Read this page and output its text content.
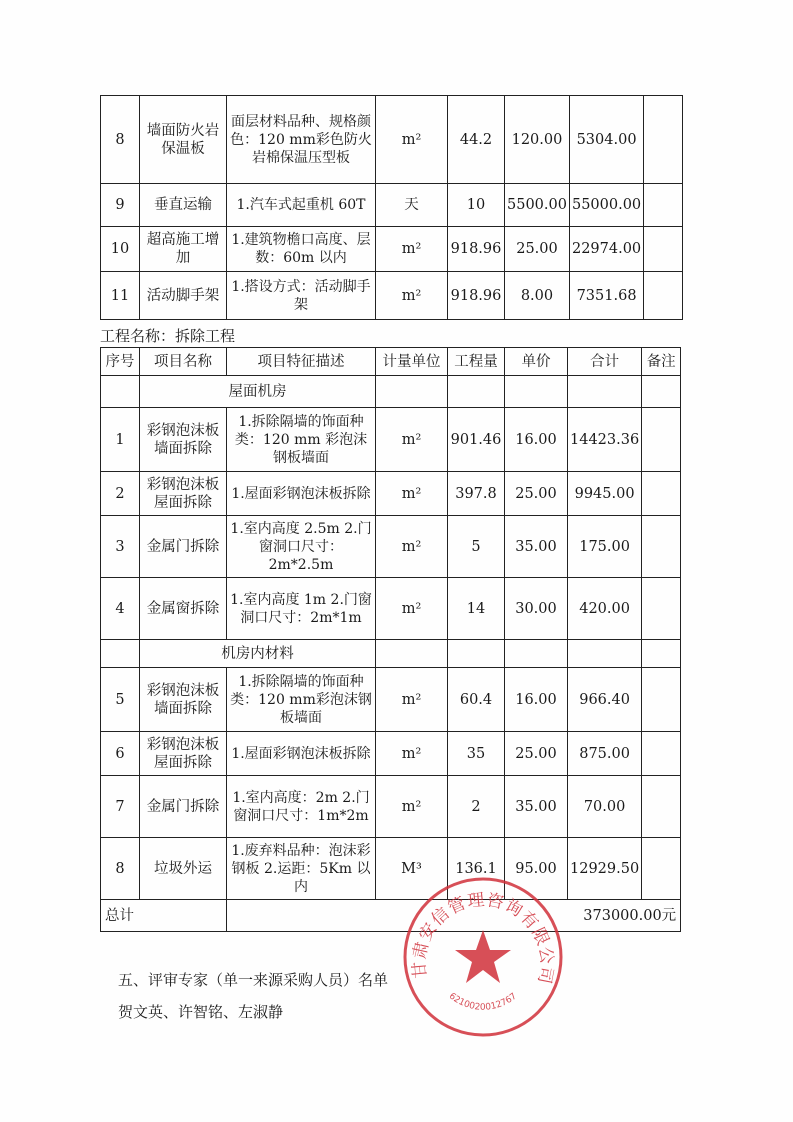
8	墙面防火岩保温板	面层材料品种、规格颜色：120 mm彩色防火岩棉保温压型板	m²	44.2	120.00	5304.00	
9	垂直运输	1.汽车式起重机 60T	天	10	5500.00	55000.00	
10	超高施工增加	1.建筑物檐口高度、层数：60m 以内	m²	918.96	25.00	22974.00	
11	活动脚手架	1.搭设方式：活动脚手架	m²	918.96	8.00	7351.68	
工程名称：拆除工程
序号	项目名称	项目特征描述	计量单位	工程量	单价	合计	备注
	屋面机房						
1	彩钢泡沫板墙面拆除	1.拆除隔墙的饰面种类：120 mm 彩泡沫钢板墙面	m²	901.46	16.00	14423.36	
2	彩钢泡沫板屋面拆除	1.屋面彩钢泡沫板拆除	m²	397.8	25.00	9945.00	
3	金属门拆除	1.室内高度 2.5m 2.门窗洞口尺寸：2m*2.5m	m²	5	35.00	175.00	
4	金属窗拆除	1.室内高度 1m 2.门窗洞口尺寸：2m*1m	m²	14	30.00	420.00	
	机房内材料						
5	彩钢泡沫板墙面拆除	1.拆除隔墙的饰面种类：120 mm彩泡沫钢板墙面	m²	60.4	16.00	966.40	
6	彩钢泡沫板屋面拆除	1.屋面彩钢泡沫板拆除	m²	35	25.00	875.00	
7	金属门拆除	1.室内高度：2m 2.门窗洞口尺寸：1m*2m	m²	2	35.00	70.00	
8	垃圾外运	1.废弃料品种：泡沫彩钢板 2.运距：5Km 以内	M³	136.1	95.00	12929.50	
总计		373000.00元					
五、评审专家（单一来源采购人员）名单
贺文英、许智铭、左淑静
甘肃安信管理咨询有限公司
6210020012767
